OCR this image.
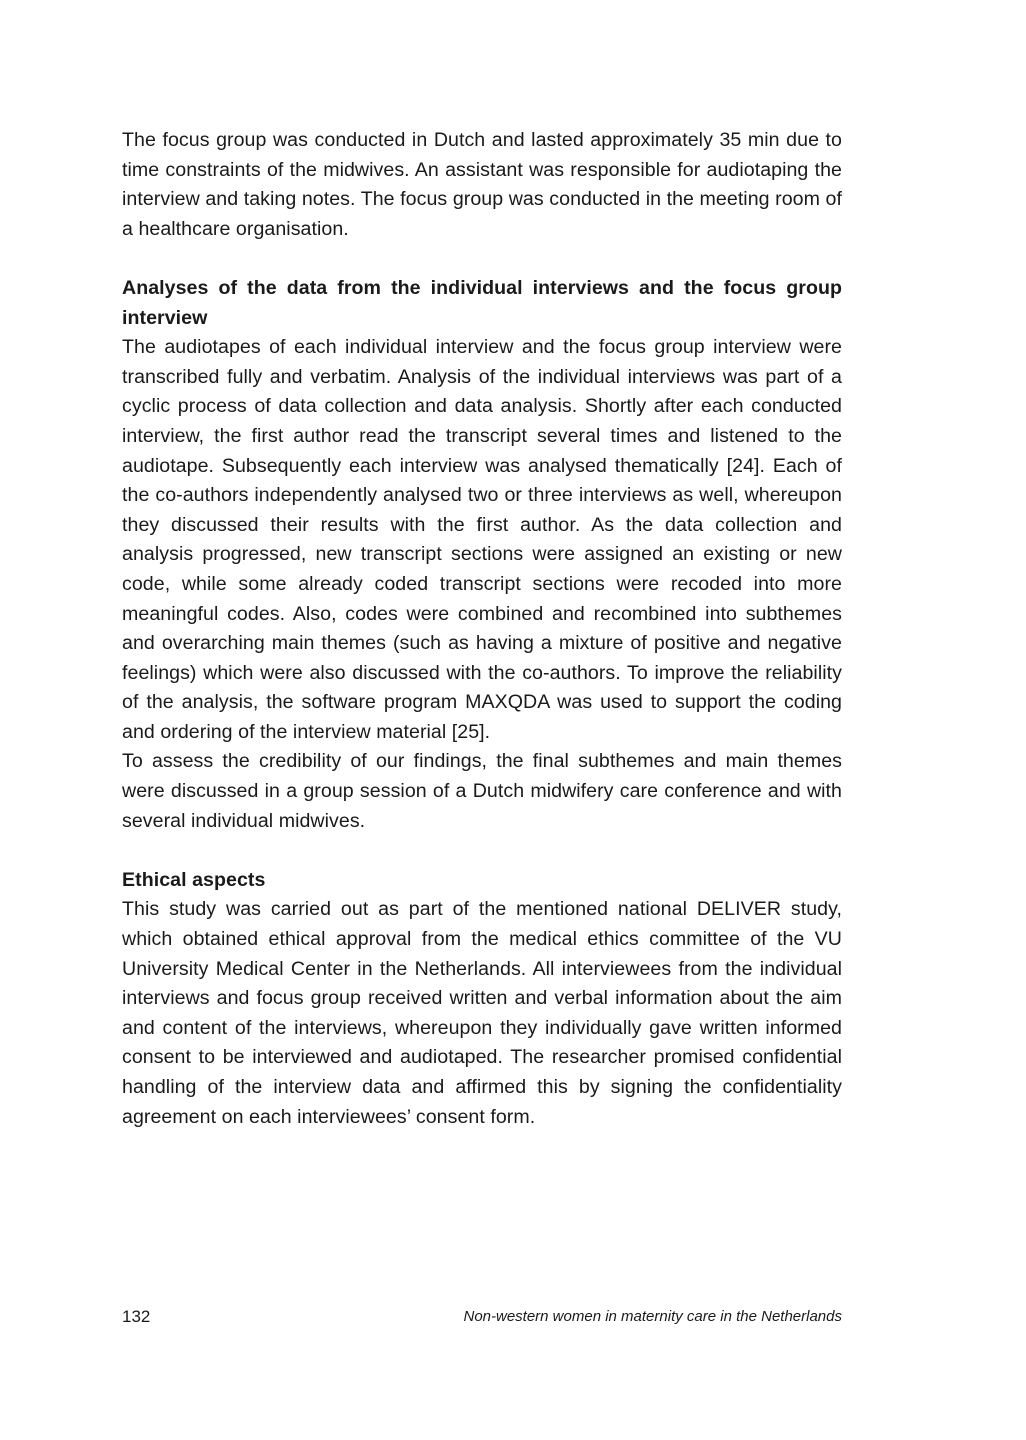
The focus group was conducted in Dutch and lasted approximately 35 min due to time constraints of the midwives. An assistant was responsible for audiotaping the interview and taking notes. The focus group was conducted in the meeting room of a healthcare organisation.

Analyses of the data from the individual interviews and the focus group interview

The audiotapes of each individual interview and the focus group interview were transcribed fully and verbatim. Analysis of the individual interviews was part of a cyclic process of data collection and data analysis. Shortly after each conducted interview, the first author read the transcript several times and listened to the audiotape. Subsequently each interview was analysed thematically [24]. Each of the co-authors independently analysed two or three interviews as well, whereupon they discussed their results with the first author. As the data collection and analysis progressed, new transcript sections were assigned an existing or new code, while some already coded transcript sections were recoded into more meaningful codes. Also, codes were combined and recombined into subthemes and overarching main themes (such as having a mixture of positive and negative feelings) which were also discussed with the co-authors. To improve the reliability of the analysis, the software program MAXQDA was used to support the coding and ordering of the interview material [25].

To assess the credibility of our findings, the final subthemes and main themes were discussed in a group session of a Dutch midwifery care conference and with several individual midwives.

Ethical aspects

This study was carried out as part of the mentioned national DELIVER study, which obtained ethical approval from the medical ethics committee of the VU University Medical Center in the Netherlands. All interviewees from the individual interviews and focus group received written and verbal information about the aim and content of the interviews, whereupon they individually gave written informed consent to be interviewed and audiotaped. The researcher promised confidential handling of the interview data and affirmed this by signing the confidentiality agreement on each interviewees’ consent form.

132	Non-western women in maternity care in the Netherlands
